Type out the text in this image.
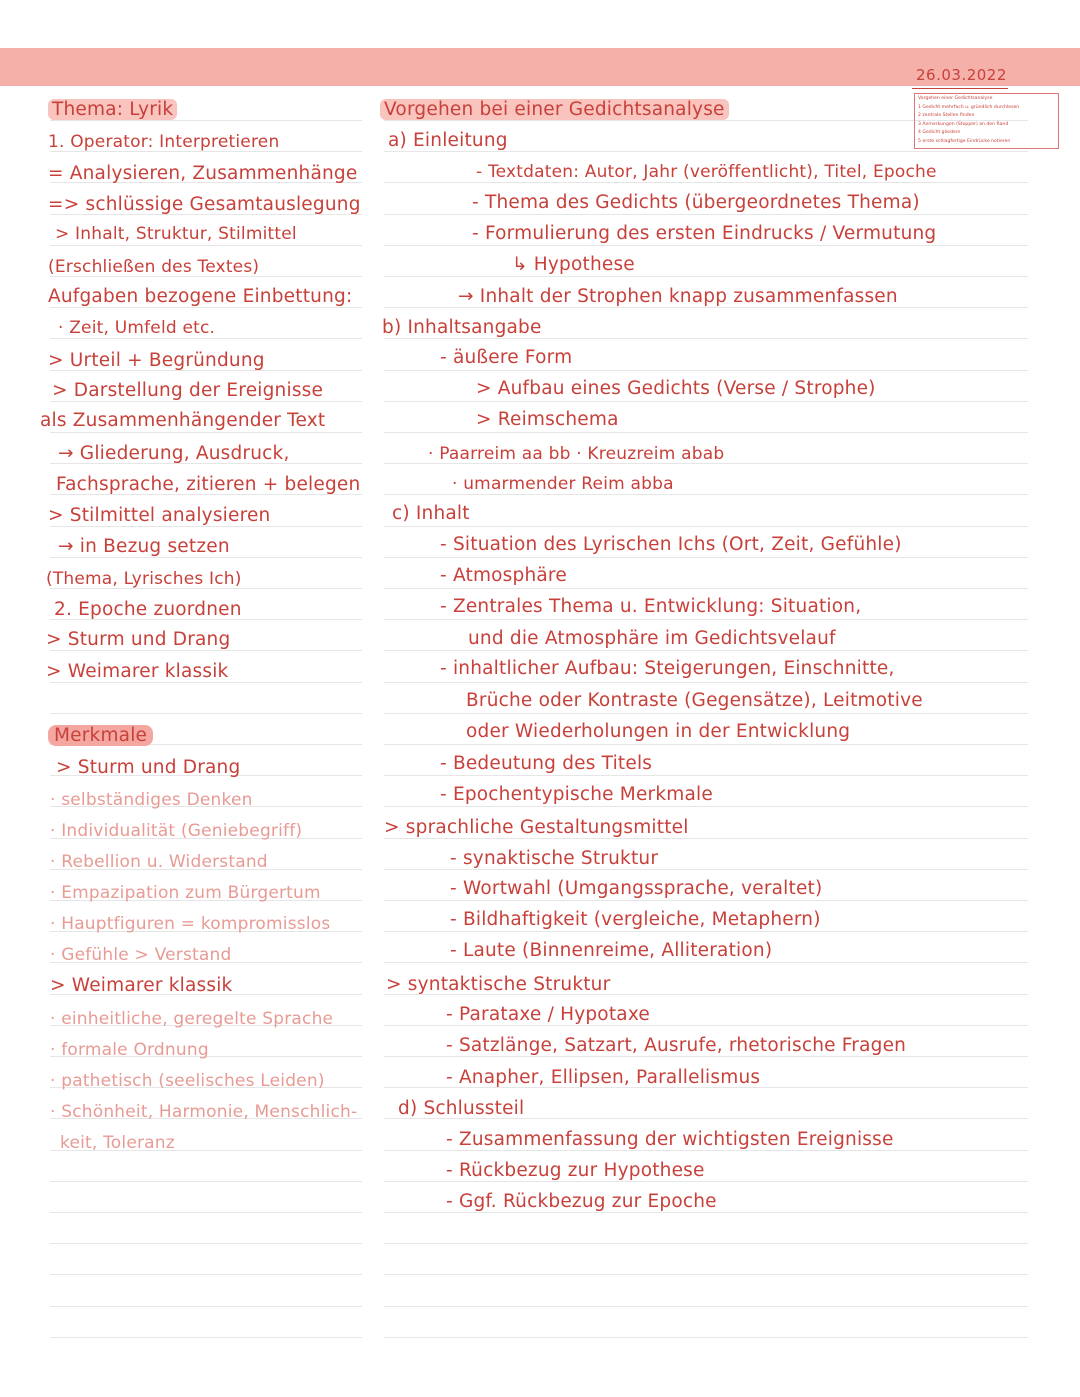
26.03.2022
Vorgehen einer Gedichtsanalyse
1 Gedicht mehrfach u. gründlich durchlesen
2 zentrale Stellen finden
3 Anmerkungen (Stopper) an den Rand
4 Gedicht gliedern
5 erste schlagfertige Eindrücke notieren
Thema: Lyrik
1. Operator: Interpretieren
= Analysieren, Zusammenhänge
=> schlüssige Gesamtauslegung
> Inhalt, Struktur, Stilmittel
(Erschließen des Textes)
Aufgaben bezogene Einbettung:
· Zeit, Umfeld etc.
> Urteil + Begründung
> Darstellung der Ereignisse
als Zusammenhängender Text
→ Gliederung, Ausdruck,
Fachsprache, zitieren + belegen
> Stilmittel analysieren
→ in Bezug setzen
(Thema, Lyrisches Ich)
2. Epoche zuordnen
> Sturm und Drang
> Weimarer klassik
Merkmale
> Sturm und Drang
· selbständiges Denken
· Individualität (Geniebegriff)
· Rebellion u. Widerstand
· Empazipation zum Bürgertum
· Hauptfiguren = kompromisslos
· Gefühle > Verstand
> Weimarer klassik
· einheitliche, geregelte Sprache
· formale Ordnung
· pathetisch (seelisches Leiden)
· Schönheit, Harmonie, Menschlich-
keit, Toleranz
Vorgehen bei einer Gedichtsanalyse
a) Einleitung
- Textdaten: Autor, Jahr (veröffentlicht), Titel, Epoche
- Thema des Gedichts (übergeordnetes Thema)
- Formulierung des ersten Eindrucks / Vermutung
↳ Hypothese
→ Inhalt der Strophen knapp zusammenfassen
b) Inhaltsangabe
- äußere Form
> Aufbau eines Gedichts (Verse / Strophe)
> Reimschema
· Paarreim aa bb · Kreuzreim abab
· umarmender Reim abba
c) Inhalt
- Situation des Lyrischen Ichs (Ort, Zeit, Gefühle)
- Atmosphäre
- Zentrales Thema u. Entwicklung: Situation,
und die Atmosphäre im Gedichtsvelauf
- inhaltlicher Aufbau: Steigerungen, Einschnitte,
Brüche oder Kontraste (Gegensätze), Leitmotive
oder Wiederholungen in der Entwicklung
- Bedeutung des Titels
- Epochentypische Merkmale
> sprachliche Gestaltungsmittel
- synaktische Struktur
- Wortwahl (Umgangssprache, veraltet)
- Bildhaftigkeit (vergleiche, Metaphern)
- Laute (Binnenreime, Alliteration)
> syntaktische Struktur
- Parataxe / Hypotaxe
- Satzlänge, Satzart, Ausrufe, rhetorische Fragen
- Anapher, Ellipsen, Parallelismus
d) Schlussteil
- Zusammenfassung der wichtigsten Ereignisse
- Rückbezug zur Hypothese
- Ggf. Rückbezug zur Epoche
